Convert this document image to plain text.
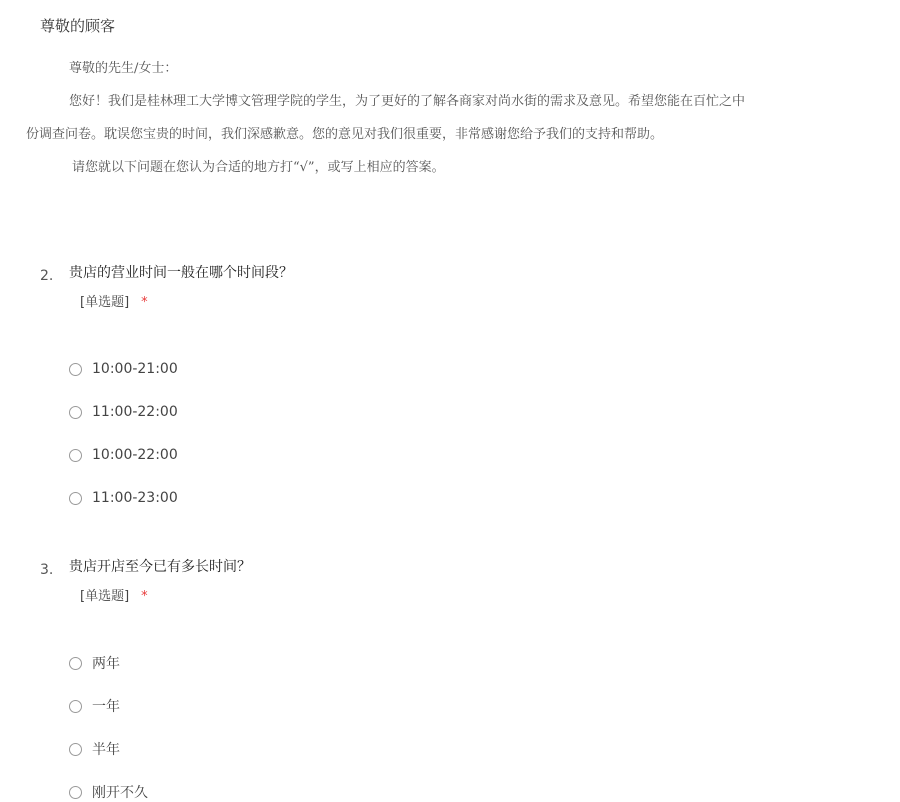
尊敬的顾客

尊敬的先生/女士：

您好！我们是桂林理工大学博文管理学院的学生，为了更好的了解各商家对尚水街的需求及意见。希望您能在百忙之中

份调查问卷。耽误您宝贵的时间，我们深感歉意。您的意见对我们很重要，非常感谢您给予我们的支持和帮助。

请您就以下问题在您认为合适的地方打“√”，或写上相应的答案。

2. 贵店的营业时间一般在哪个时间段？
[单选题] *
10:00-21:00
11:00-22:00
10:00-22:00
11:00-23:00
3. 贵店开店至今已有多长时间？
[单选题] *
两年
一年
半年
刚开不久
